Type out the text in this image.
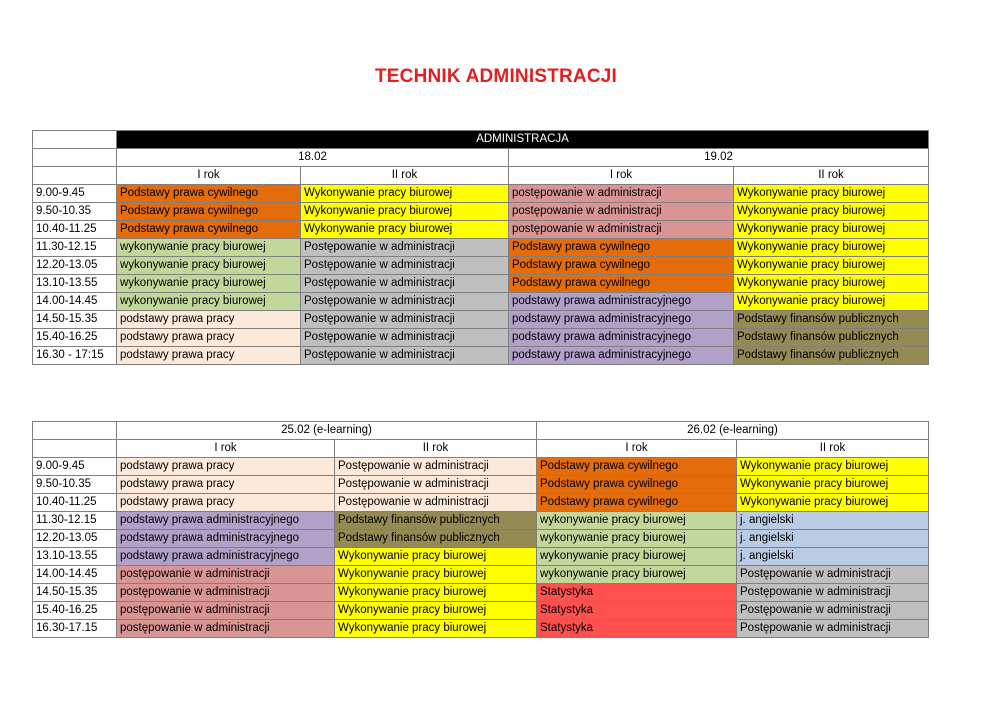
TECHNIK ADMINISTRACJI
	ADMINISTRACJA			
	18.02		19.02	
	I rok	II rok	I rok	II rok
9.00-9.45	Podstawy prawa cywilnego	Wykonywanie pracy biurowej	postępowanie w administracji	Wykonywanie pracy biurowej
9.50-10.35	Podstawy prawa cywilnego	Wykonywanie pracy biurowej	postępowanie w administracji	Wykonywanie pracy biurowej
10.40-11.25	Podstawy prawa cywilnego	Wykonywanie pracy biurowej	postępowanie w administracji	Wykonywanie pracy biurowej
11.30-12.15	wykonywanie pracy biurowej	Postępowanie w administracji	Podstawy prawa cywilnego	Wykonywanie pracy biurowej
12.20-13.05	wykonywanie pracy biurowej	Postępowanie w administracji	Podstawy prawa cywilnego	Wykonywanie pracy biurowej
13.10-13.55	wykonywanie pracy biurowej	Postępowanie w administracji	Podstawy prawa cywilnego	Wykonywanie pracy biurowej
14.00-14.45	wykonywanie pracy biurowej	Postępowanie w administracji	podstawy prawa administracyjnego	Wykonywanie pracy biurowej
14.50-15.35	podstawy prawa pracy	Postępowanie w administracji	podstawy prawa administracyjnego	Podstawy finansów publicznych
15.40-16.25	podstawy prawa pracy	Postępowanie w administracji	podstawy prawa administracyjnego	Podstawy finansów publicznych
16.30 - 17:15	podstawy prawa pracy	Postępowanie w administracji	podstawy prawa administracyjnego	Podstawy finansów publicznych
	25.02 (e-learning)		26.02 (e-learning)	
	I rok	II rok	I rok	II rok
9.00-9.45	podstawy prawa pracy	Postępowanie w administracji	Podstawy prawa cywilnego	Wykonywanie pracy biurowej
9.50-10.35	podstawy prawa pracy	Postępowanie w administracji	Podstawy prawa cywilnego	Wykonywanie pracy biurowej
10.40-11.25	podstawy prawa pracy	Postępowanie w administracji	Podstawy prawa cywilnego	Wykonywanie pracy biurowej
11.30-12.15	podstawy prawa administracyjnego	Podstawy finansów publicznych	wykonywanie pracy biurowej	j. angielski
12.20-13.05	podstawy prawa administracyjnego	Podstawy finansów publicznych	wykonywanie pracy biurowej	j. angielski
13.10-13.55	podstawy prawa administracyjnego	Wykonywanie pracy biurowej	wykonywanie pracy biurowej	j. angielski
14.00-14.45	postępowanie w administracji	Wykonywanie pracy biurowej	wykonywanie pracy biurowej	Postępowanie w administracji
14.50-15.35	postępowanie w administracji	Wykonywanie pracy biurowej	Statystyka	Postępowanie w administracji
15.40-16.25	postępowanie w administracji	Wykonywanie pracy biurowej	Statystyka	Postępowanie w administracji
16.30-17.15	postępowanie w administracji	Wykonywanie pracy biurowej	Statystyka	Postępowanie w administracji
